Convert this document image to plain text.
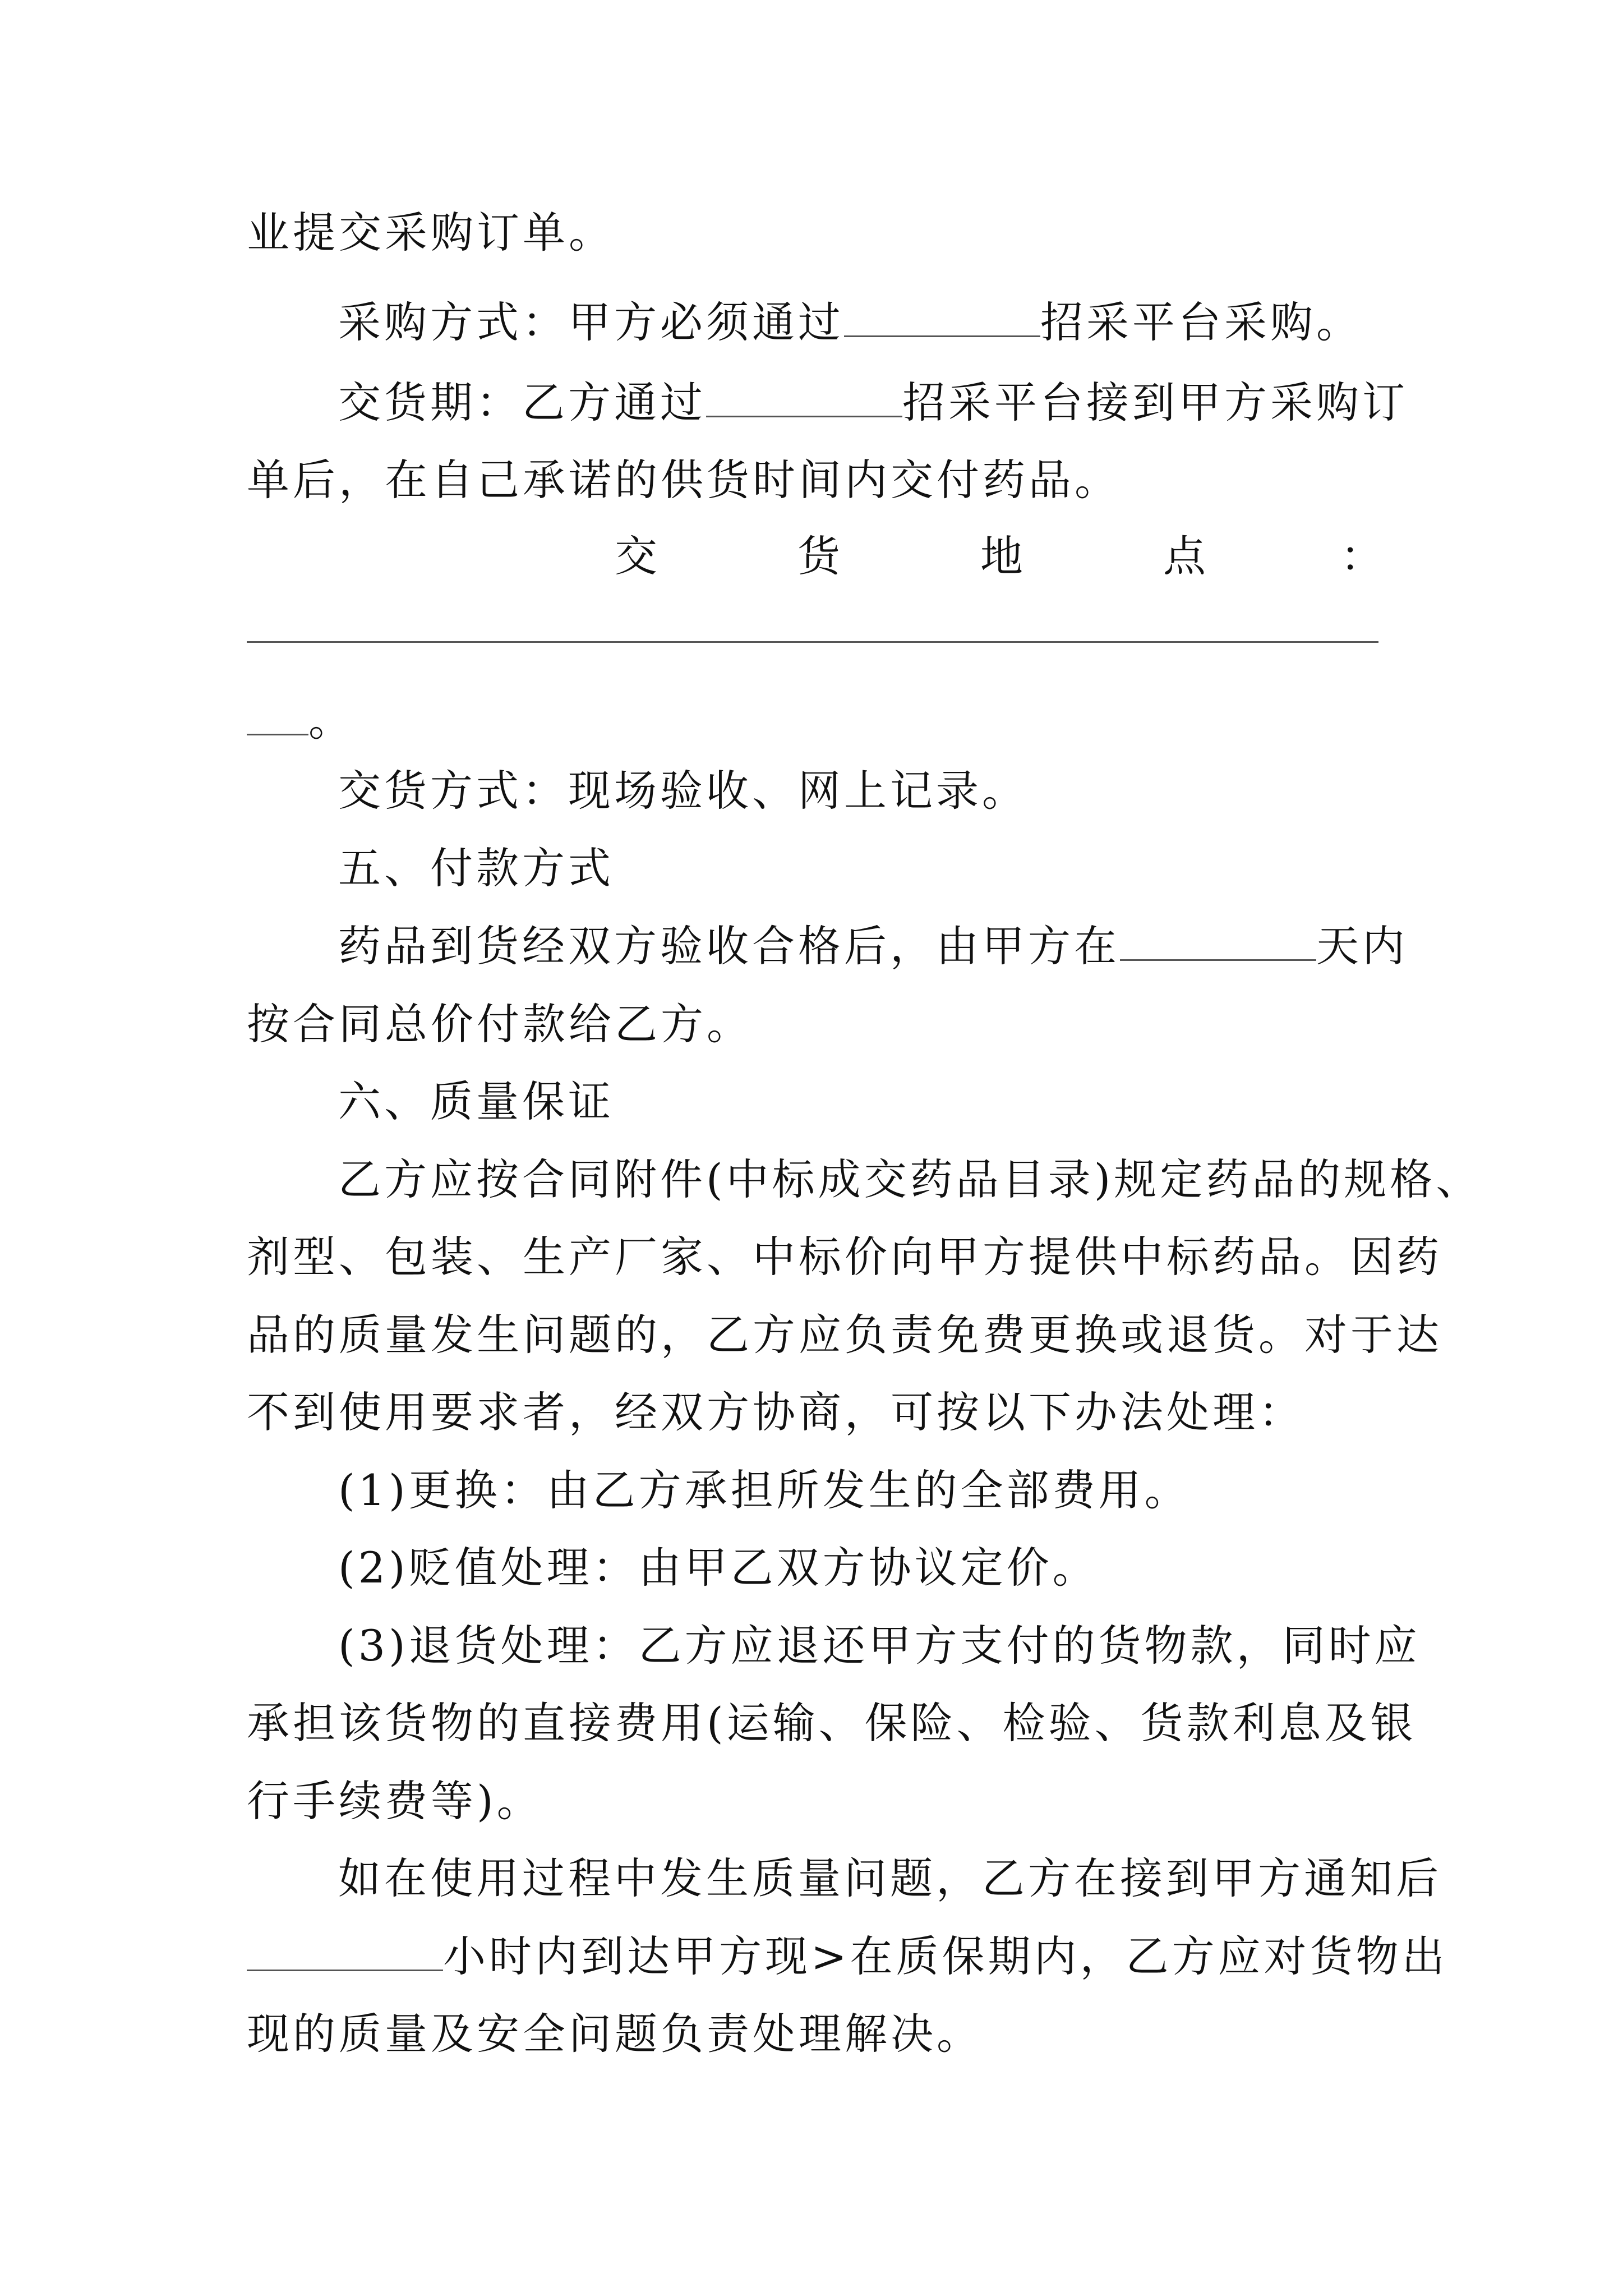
业提交采购订单。
采购方式：甲方必须通过	招采平台采购。
交货期：乙方通过	招采平台接到甲方采购订
单后，在自己承诺的供货时间内交付药品。
交	货	地	点	：
。
交货方式：现场验收、网上记录。
五、付款方式
药品到货经双方验收合格后，由甲方在	天内
按合同总价付款给乙方。
六、质量保证
乙方应按合同附件(中标成交药品目录)规定药品的规格、
剂型、包装、生产厂家、中标价向甲方提供中标药品。因药
品的质量发生问题的，乙方应负责免费更换或退货。对于达
不到使用要求者，经双方协商，可按以下办法处理：
(1)更换：由乙方承担所发生的全部费用。
(2)贬值处理：由甲乙双方协议定价。
(3)退货处理：乙方应退还甲方支付的货物款，同时应
承担该货物的直接费用(运输、保险、检验、货款利息及银
行手续费等)。
如在使用过程中发生质量问题，乙方在接到甲方通知后
小时内到达甲方现>在质保期内，乙方应对货物出
现的质量及安全问题负责处理解决。
